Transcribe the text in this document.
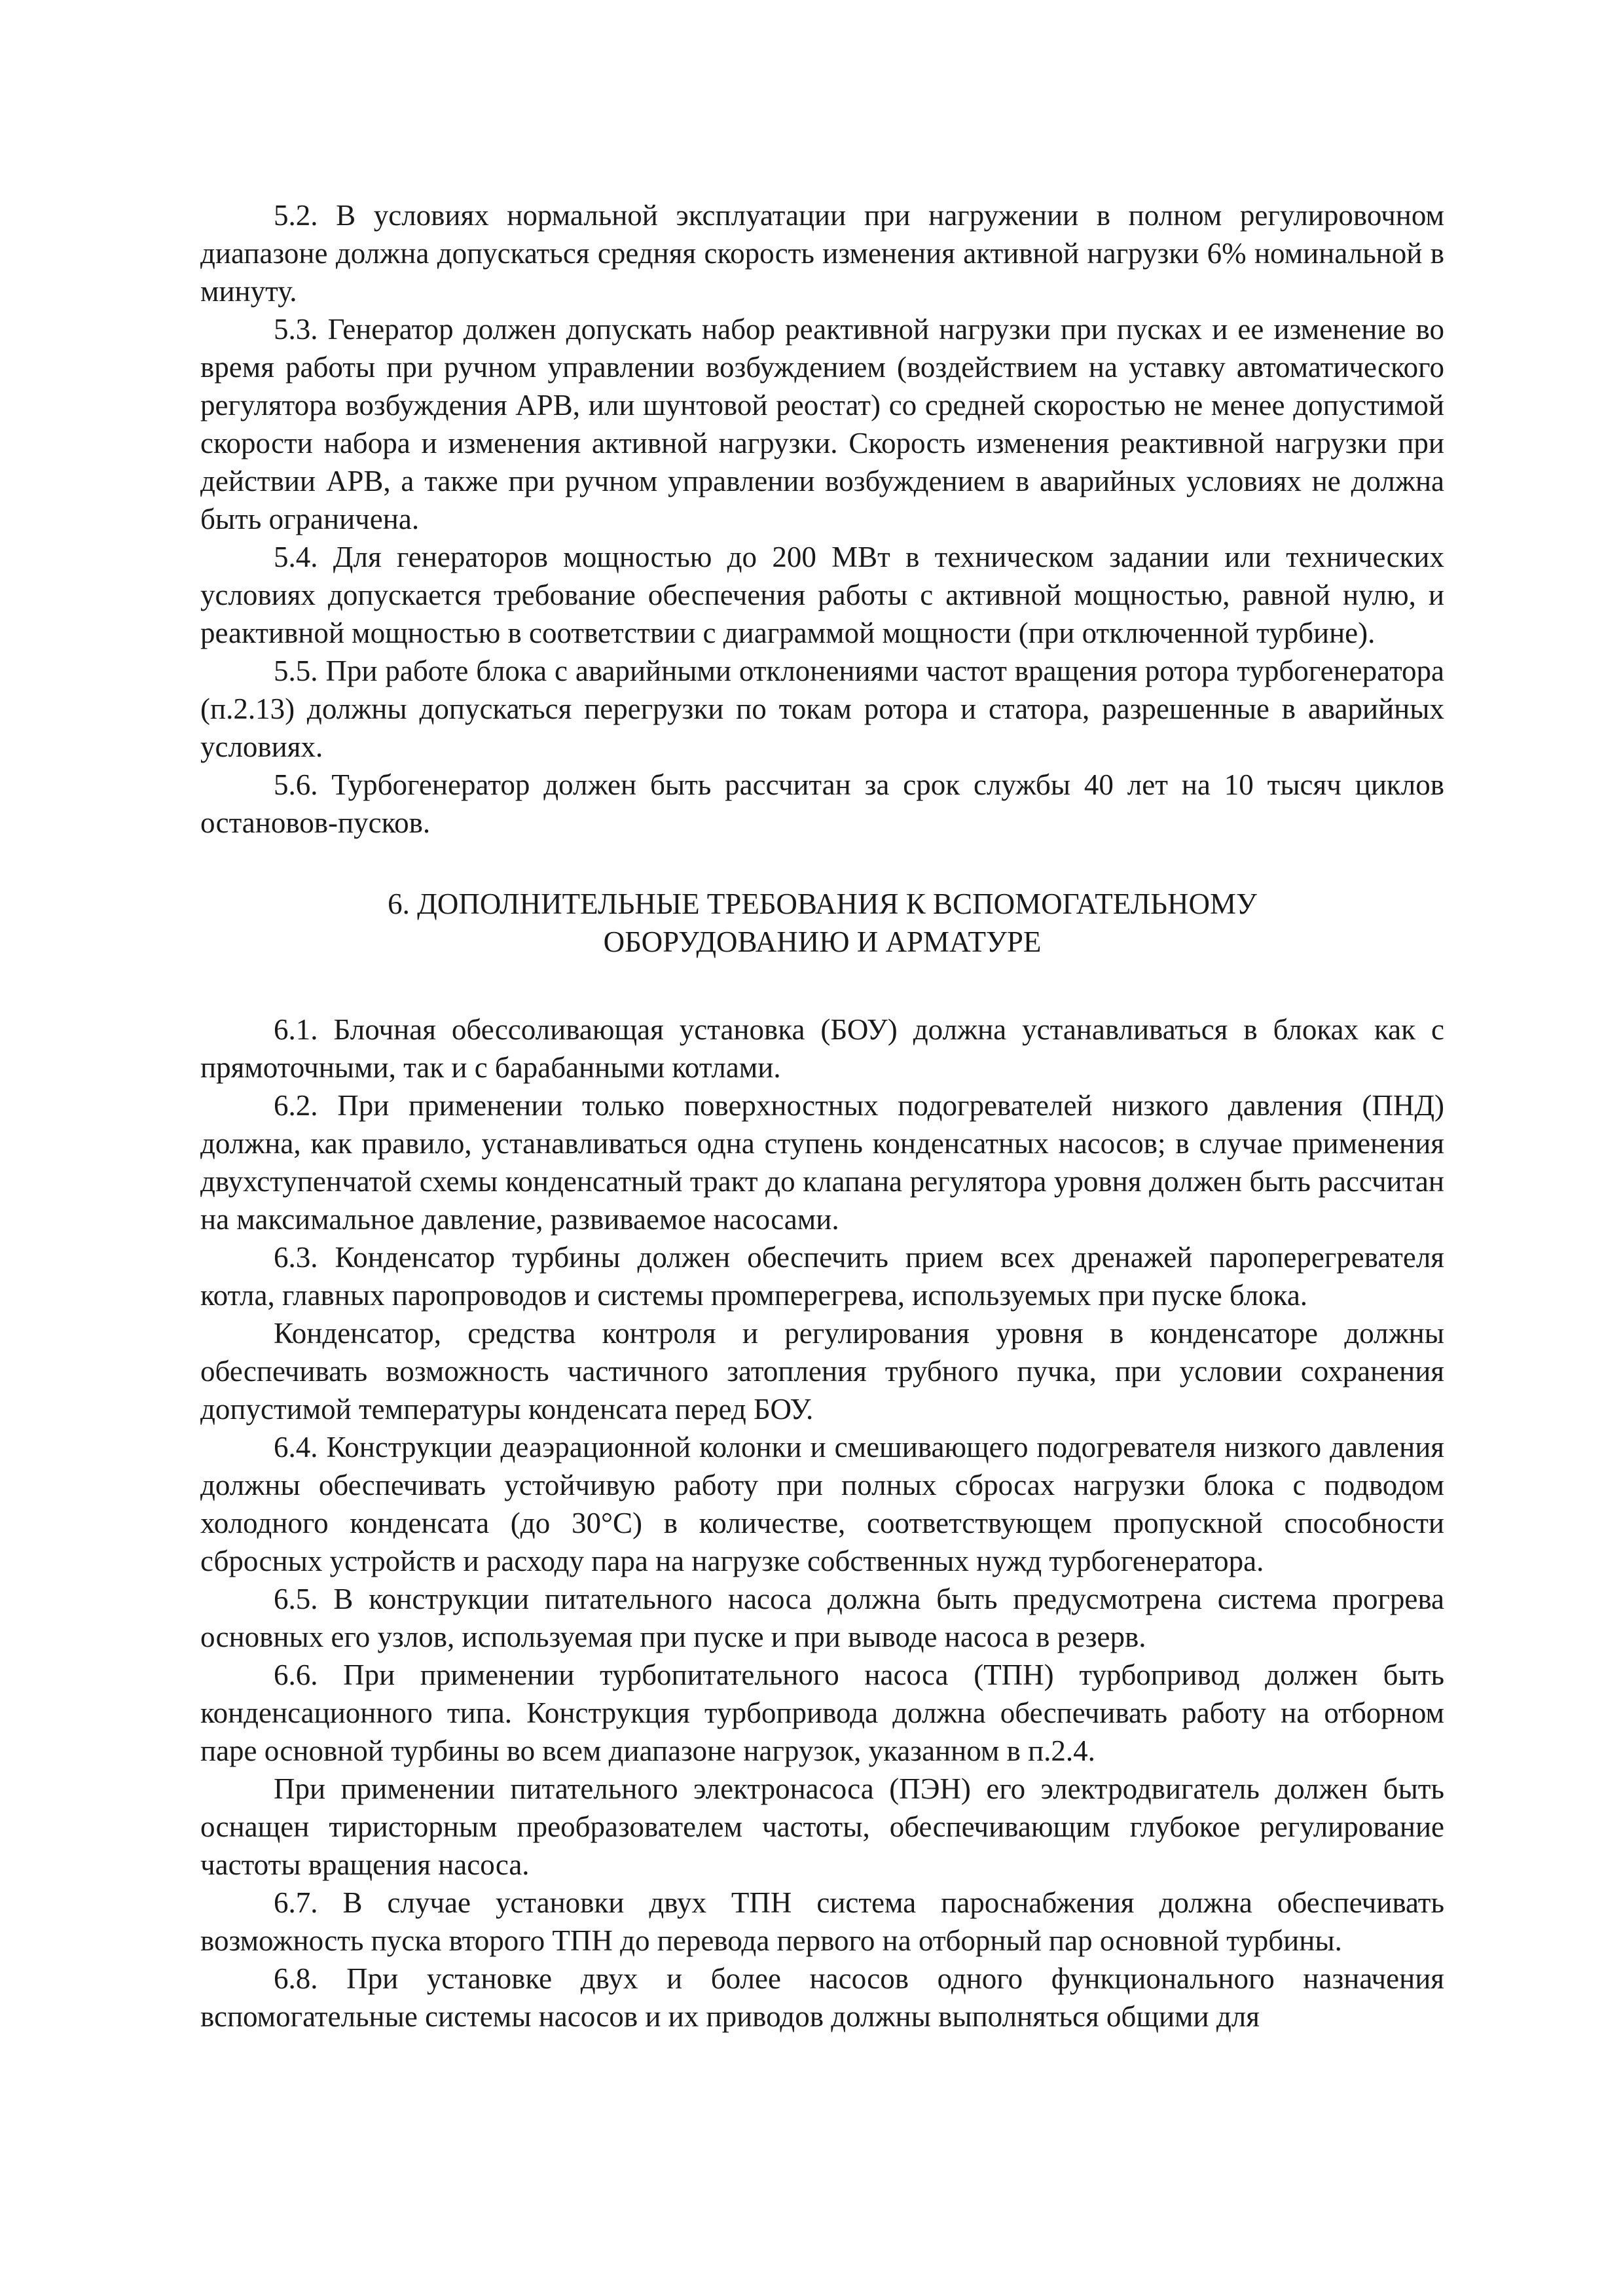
5.2. В условиях нормальной эксплуатации при нагружении в полном регулировочном диапазоне должна допускаться средняя скорость изменения активной нагрузки 6% номинальной в минуту.

5.3. Генератор должен допускать набор реактивной нагрузки при пусках и ее изменение во время работы при ручном управлении возбуждением (воздействием на уставку автоматического регулятора возбуждения АРВ, или шунтовой реостат) со средней скоростью не менее допустимой скорости набора и изменения активной нагрузки. Скорость изменения реактивной нагрузки при действии АРВ, а также при ручном управлении возбуждением в аварийных условиях не должна быть ограничена.

5.4. Для генераторов мощностью до 200 МВт в техническом задании или технических условиях допускается требование обеспечения работы с активной мощностью, равной нулю, и реактивной мощностью в соответствии с диаграммой мощности (при отключенной турбине).

5.5. При работе блока с аварийными отклонениями частот вращения ротора турбогенератора (п.2.13) должны допускаться перегрузки по токам ротора и статора, разрешенные в аварийных условиях.

5.6. Турбогенератор должен быть рассчитан за срок службы 40 лет на 10 тысяч циклов остановов-пусков.

6. ДОПОЛНИТЕЛЬНЫЕ ТРЕБОВАНИЯ К ВСПОМОГАТЕЛЬНОМУ
ОБОРУДОВАНИЮ И АРМАТУРЕ

6.1. Блочная обессоливающая установка (БОУ) должна устанавливаться в блоках как с прямоточными, так и с барабанными котлами.

6.2. При применении только поверхностных подогревателей низкого давления (ПНД) должна, как правило, устанавливаться одна ступень конденсатных насосов; в случае применения двухступенчатой схемы конденсатный тракт до клапана регулятора уровня должен быть рассчитан на максимальное давление, развиваемое насосами.

6.3. Конденсатор турбины должен обеспечить прием всех дренажей пароперегревателя котла, главных паропроводов и системы промперегрева, используемых при пуске блока.

Конденсатор, средства контроля и регулирования уровня в конденсаторе должны обеспечивать возможность частичного затопления трубного пучка, при условии сохранения допустимой температуры конденсата перед БОУ.

6.4. Конструкции деаэрационной колонки и смешивающего подогревателя низкого давления должны обеспечивать устойчивую работу при полных сбросах нагрузки блока с подводом холодного конденсата (до 30°С) в количестве, соответствующем пропускной способности сбросных устройств и расходу пара на нагрузке собственных нужд турбогенератора.

6.5. В конструкции питательного насоса должна быть предусмотрена система прогрева основных его узлов, используемая при пуске и при выводе насоса в резерв.

6.6. При применении турбопитательного насоса (ТПН) турбопривод должен быть конденсационного типа. Конструкция турбопривода должна обеспечивать работу на отборном паре основной турбины во всем диапазоне нагрузок, указанном в п.2.4.

При применении питательного электронасоса (ПЭН) его электродвигатель должен быть оснащен тиристорным преобразователем частоты, обеспечивающим глубокое регулирование частоты вращения насоса.

6.7. В случае установки двух ТПН система пароснабжения должна обеспечивать возможность пуска второго ТПН до перевода первого на отборный пар основной турбины.

6.8. При установке двух и более насосов одного функционального назначения вспомогательные системы насосов и их приводов должны выполняться общими для
